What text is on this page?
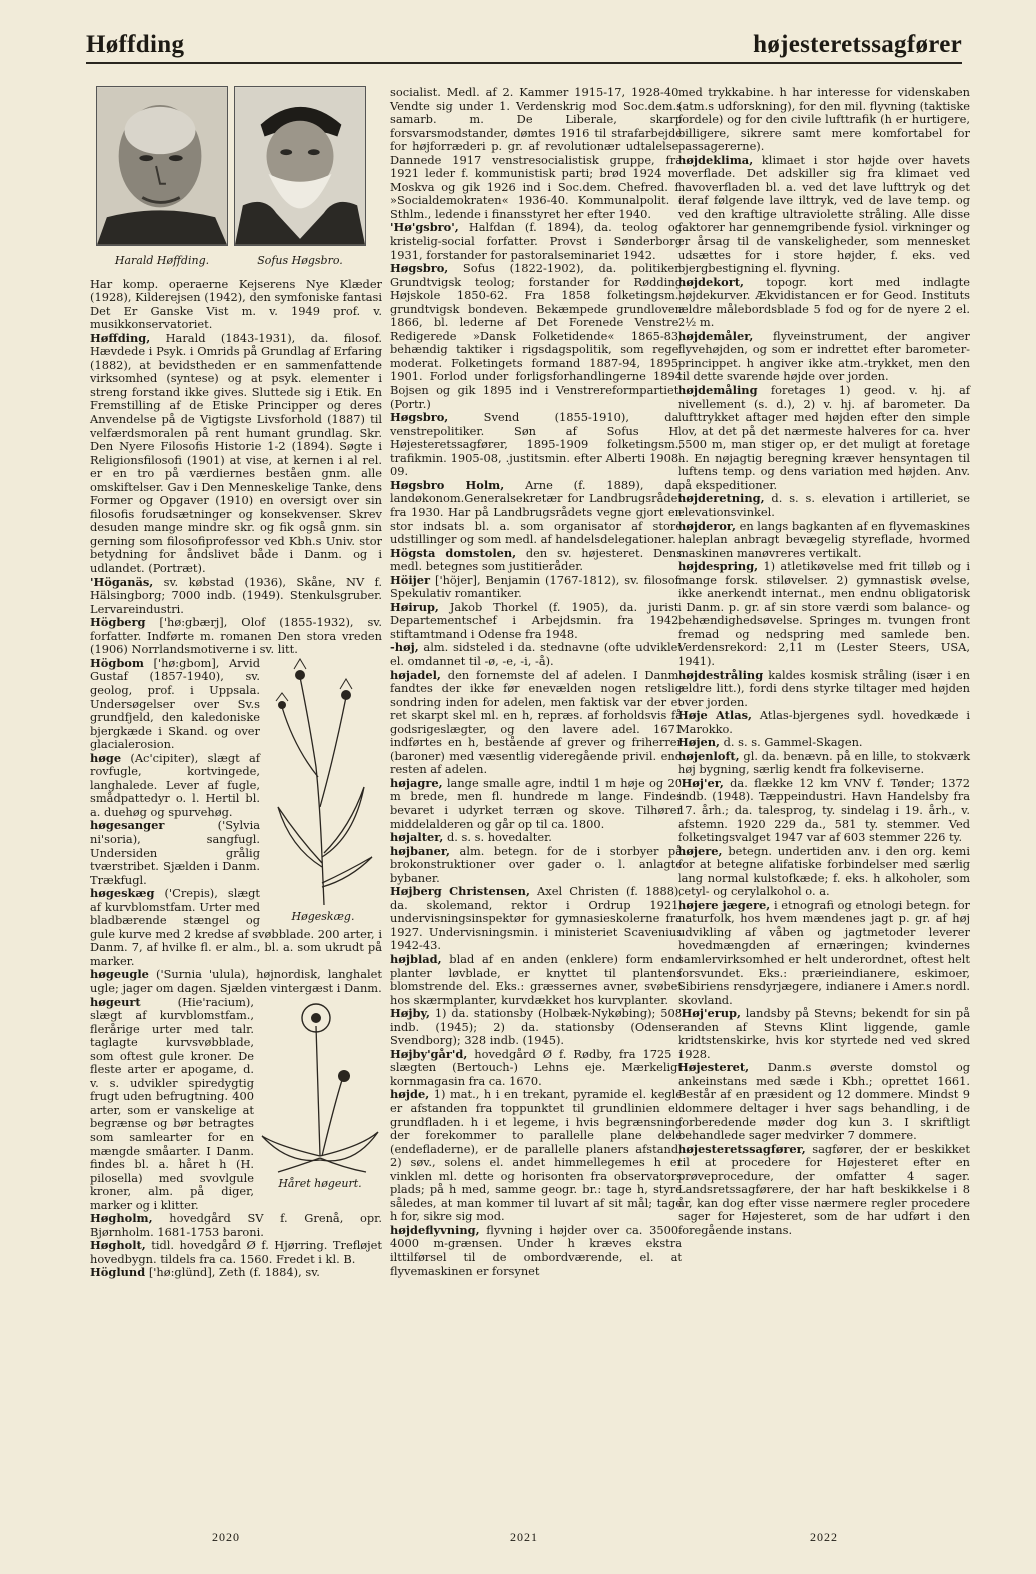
Høffding	højesteretssagfører
Harald Høffding.	Sofus Høgsbro.

Har komp. operaerne Kejserens Nye Klæder (1928), Kilderejsen (1942), den symfoniske fantasi Det Er Ganske Vist m. v. 1949 prof. v. musikkonservatoriet.

Høffding, Harald (1843-1931), da. filosof. Hævdede i Psyk. i Omrids på Grundlag af Erfaring (1882), at bevidstheden er en sammenfattende virksomhed (syntese) og at psyk. elementer i streng forstand ikke gives. Sluttede sig i Etik. En Fremstilling af de Etiske Principper og deres Anvendelse på de Vigtigste Livsforhold (1887) til velfærdsmoralen på rent humant grundlag. Skr. Den Nyere Filosofis Historie 1-2 (1894). Søgte i Religionsfilosofi (1901) at vise, at kernen i al rel. er en tro på værdiernes beståen gnm. alle omskiftelser. Gav i Den Menneskelige Tanke, dens Former og Opgaver (1910) en oversigt over sin filosofis forudsætninger og konsekvenser. Skrev desuden mange mindre skr. og fik også gnm. sin gerning som filosofiprofessor ved Kbh.s Univ. stor betydning for åndslivet både i Danm. og i udlandet. (Portræt).

'Höganäs, sv. købstad (1936), Skåne, NV f. Hälsingborg; 7000 indb. (1949). Stenkulsgruber. Lervareindustri.

Högberg ['hø:gbærj], Olof (1855-1932), sv. forfatter. Indførte m. romanen Den stora vreden (1906) Norrlandsmotiverne i sv. litt.

Høgeskæg.

Högbom ['hø:gbom], Arvid Gustaf (1857-1940), sv. geolog, prof. i Uppsala. Undersøgelser over Sv.s grundfjeld, den kaledoniske bjergkæde i Skand. og over glacialerosion.

høge (Ac'cipiter), slægt af rovfugle, kortvingede, langhalede. Lever af fugle, smådpattedyr o. l. Hertil bl. a. duehøg og spurvehøg.

høgesanger	('Sylvia ni'soria), sangfugl. Undersiden grålig tværstribet. Sjælden i Danm. Trækfugl.

høgeskæg ('Crepis), slægt af kurvblomstfam. Urter med bladbærende stængel og gule kurve med 2 kredse af svøbblade. 200 arter, i Danm. 7, af hvilke fl. er alm., bl. a. som ukrudt på marker.

høgeugle ('Surnia 'ulula), højnordisk, langhalet ugle; jager om dagen. Sjælden vintergæst i Danm.

Håret høgeurt.

høgeurt	(Hie'racium), slægt af kurvblomstfam., flerårige urter med talr. taglagte kurvsvøbblade, som oftest gule kroner. De fleste arter er apogame, d. v. s. udvikler spiredygtig frugt uden befrugtning. 400 arter, som er vanskelige at begrænse og bør betragtes som samlearter for en mængde småarter. I Danm. findes bl. a. håret h (H. pilosella) med svovlgule kroner, alm. på diger, marker og i klitter.

Høgholm, hovedgård SV f. Grenå, opr. Bjørnholm. 1681-1753 baroni.

Høgholt, tidl. hovedgård Ø f. Hjørring. Trefløjet hovedbygn. tildels fra ca. 1560. Fredet i kl. B.

Höglund ['hø:glünd], Zeth (f. 1884), sv.

socialist. Medl. af 2. Kammer 1915-17, 1928-40. Vendte sig under 1. Verdenskrig mod Soc.dem.s samarb. m. De Liberale, skarp forsvarsmodstander, dømtes 1916 til strafarbejde for højforræderi p. gr. af revolutionær udtalelse. Dannede 1917 venstresocialistisk gruppe, fra 1921 leder f. kommunistisk parti; brød 1924 m. Moskva og gik 1926 ind i Soc.dem. Chefred. f. »Socialdemokraten« 1936-40. Kommunalpolit. i Sthlm., ledende i finansstyret her efter 1940.

'Hø'gsbro', Halfdan (f. 1894), da. teolog og kristelig-social forfatter. Provst i Sønderborg 1931, forstander for pastoralseminariet 1942.

Høgsbro, Sofus (1822-1902), da. politiker. Grundtvigsk teolog; forstander for Rødding Højskole 1850-62. Fra 1858 folketingsm., grundtvigsk bondeven. Bekæmpede grundloven 1866, bl. lederne af Det Forenede Venstre. Redigerede »Dansk Folketidende« 1865-83; behændig taktiker i rigsdagspolitik, som regel moderat. Folketingets formand 1887-94, 1895-1901. Forlod under forligsforhandlingerne 1894 Bojsen og gik 1895 ind i Venstrereformpartiet. (Portr.)

Høgsbro,	Svend (1855-1910), da. venstrepolitiker. Søn af Sofus H. Højesteretssagfører, 1895-1909 folketingsm., trafikmin. 1905-08, .justitsmin. efter Alberti 1908-09.

Høgsbro Holm, Arne (f. 1889), da. landøkonom.Generalsekretær for Landbrugsrådet fra 1930. Har på Landbrugsrådets vegne gjort en stor indsats bl. a. som organisator af store udstillinger og som medl. af handelsdelegationer.

Högsta domstolen, den sv. højesteret. Dens medl. betegnes som justitieråder.

Höijer ['höjer], Benjamin (1767-1812), sv. filosof. Spekulativ romantiker.

Høirup, Jakob Thorkel (f. 1905), da. jurist. Departementschef i Arbejdsmin. fra 1942, stiftamtmand i Odense fra 1948.

-høj, alm. sidsteled i da. stednavne (ofte udviklet el. omdannet til -ø, -e, -i, -å).

højadel, den fornemste del af adelen. I Danm. fandtes der ikke før enevælden nogen retslig sondring inden for adelen, men faktisk var der et ret skarpt skel ml. en h, repræs. af forholdsvis få godsrigeslægter, og den lavere adel. 1671 indførtes en h, bestående af grever og friherrer (baroner) med væsentlig videregående privil. end resten af adelen.

højagre, lange smalle agre, indtil 1 m høje og 20 m brede, men fl. hundrede m lange. Findes bevaret i udyrket terræn og skove. Tilhører middelalderen og går op til ca. 1800.

højalter, d. s. s. hovedalter.

højbaner, alm. betegn. for de i storbyer på brokonstruktioner over gader o. l. anlagte bybaner.

Højberg Christensen, Axel Christen (f. 1888), da. skolemand, rektor i Ordrup 1921, undervisningsinspektør for gymnasieskolerne fra 1927. Undervisningsmin. i ministeriet Scavenius 1942-43.

højblad, blad af en anden (enklere) form end planter løvblade, er knyttet til plantens blomstrende del. Eks.: græssernes avner, svøbet hos skærmplanter, kurvdækket hos kurvplanter.

Højby, 1) da. stationsby (Holbæk-Nykøbing); 508 indb. (1945); 2) da. stationsby (Odense-Svendborg); 328 indb. (1945).

Højby'går'd, hovedgård Ø f. Rødby, fra 1725 i slægten (Bertouch-) Lehns eje. Mærkeligt kornmagasin fra ca. 1670.

højde, 1) mat., h i en trekant, pyramide el. kegle er afstanden fra toppunktet til grundlinien el. grundfladen. h i et legeme, i hvis begrænsning der forekommer to parallelle plane dele (endefladerne), er de parallelle planers afstand; 2) søv., solens el. andet himmellegemes h er vinklen ml. dette og horisonten fra observators plads; på h med, samme geogr. br.: tage h, styre således, at man kommer til luvart af sit mål; tage h for, sikre sig mod.

højdeflyvning, flyvning i højder over ca. 3500-4000 m-grænsen. Under h kræves ekstra ilttilførsel til de ombordværende, el. at flyvemaskinen er forsynet

med trykkabine. h har interesse for videnskaben (atm.s udforskning), for den mil. flyvning (taktiske fordele) og for den civile lufttrafik (h er hurtigere, billigere, sikrere samt mere komfortabel for passagererne).

højdeklima, klimaet i stor højde over havets overflade. Det adskiller sig fra klimaet ved havoverfladen bl. a. ved det lave lufttryk og det deraf følgende lave ilttryk, ved de lave temp. og ved den kraftige ultraviolette stråling. Alle disse faktorer har gennemgribende fysiol. virkninger og er årsag til de vanskeligheder, som mennesket udsættes for i store højder, f. eks. ved bjergbestigning el. flyvning.

højdekort, topogr. kort med indlagte højdekurver. Ækvidistancen er for Geod. Instituts ældre målebordsblade 5 fod og for de nyere 2 el. 2½ m.

højdemåler, flyveinstrument, der angiver flyvehøjden, og som er indrettet efter barometer-princippet. h angiver ikke atm.-trykket, men den til dette svarende højde over jorden.

højdemåling foretages 1) geod. v. hj. af nivellement (s. d.), 2) v. hj. af barometer. Da lufttrykket aftager med højden efter den simple lov, at det på det nærmeste halveres for ca. hver 5500 m, man stiger op, er det muligt at foretage h. En nøjagtig beregning kræver hensyntagen til luftens temp. og dens variation med højden. Anv. på ekspeditioner.

højderetning, d. s. s. elevation i artilleriet, se elevationsvinkel.

højderor, en langs bagkanten af en flyvemaskines haleplan anbragt bevægelig styreflade, hvormed maskinen manøvreres vertikalt.

højdespring, 1) atletikøvelse med frit tilløb og i mange forsk. stiløvelser. 2) gymnastisk øvelse, ikke anerkendt internat., men endnu obligatorisk i Danm. p. gr. af sin store værdi som balance- og behændighedsøvelse. Springes m. tvungen front fremad og nedspring med samlede ben. Verdensrekord: 2,11 m (Lester Steers, USA, 1941).

højdestråling kaldes kosmisk stråling (især i en ældre litt.), fordi dens styrke tiltager med højden over jorden.

Høje Atlas, Atlas-bjergenes sydl. hovedkæde i Marokko.

Højen, d. s. s. Gammel-Skagen.

højenloft, gl. da. benævn. på en lille, to stokværk høj bygning, særlig kendt fra folkeviserne.

'Høj'er, da. flække 12 km VNV f. Tønder; 1372 indb. (1948). Tæppeindustri. Havn Handelsby fra 17. årh.; da. talesprog, ty. sindelag i 19. årh., v. afstemn. 1920 229 da., 581 ty. stemmer. Ved folketingsvalget 1947 var af 603 stemmer 226 ty.

højere, betegn. undertiden anv. i den org. kemi for at betegne alifatiske forbindelser med særlig lang normal kulstofkæde; f. eks. h alkoholer, som cetyl- og cerylalkohol o. a.

højere jægere, i etnografi og etnologi betegn. for naturfolk, hos hvem mændenes jagt p. gr. af høj udvikling af våben og jagtmetoder leverer hovedmængden af ernæringen; kvindernes samlervirksomhed er helt underordnet, oftest helt forsvundet. Eks.: prærieindianere, eskimoer, Sibiriens rensdyrjægere, indianere i Amer.s nordl. skovland.

'Høj'erup, landsby på Stevns; bekendt for sin på randen af Stevns Klint liggende, gamle kridtstenskirke, hvis kor styrtede ned ved skred 1928.

Højesteret, Danm.s øverste domstol og ankeinstans med sæde i Kbh.; oprettet 1661. Består af en præsident og 12 dommere. Mindst 9 dommere deltager i hver sags behandling, i de forberedende møder dog kun 3. I skriftligt behandlede sager medvirker 7 dommere.

højesteretssagfører, sagfører, der er beskikket til at procedere for Højesteret efter en prøveprocedure, der omfatter 4 sager. Landsretssagførere, der har haft beskikkelse i 8 år, kan dog efter visse nærmere regler procedere sager for Højesteret, som de har udført i den foregående instans.

2020	2021	2022
